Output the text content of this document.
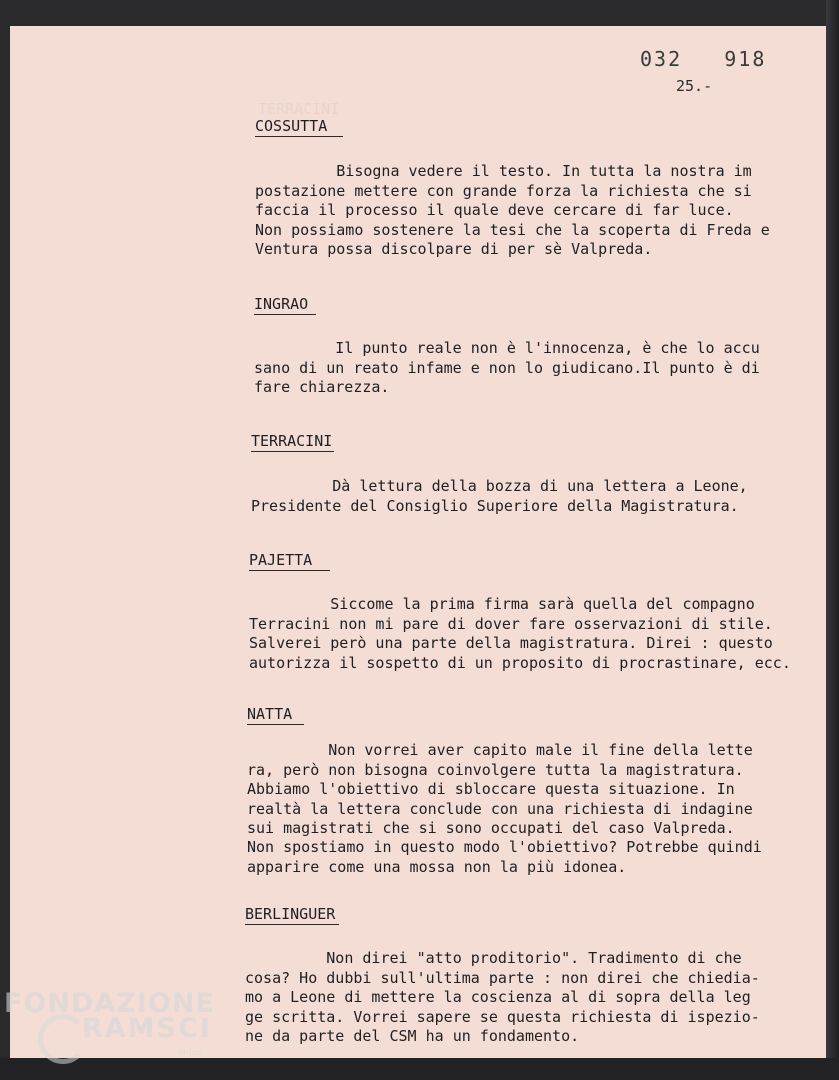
TERRACINI
032   918
25.-
COSSUTTA

Bisogna vedere il testo. In tutta la nostra im
postazione mettere con grande forza la richiesta che si
faccia il processo il quale deve cercare di far luce.
Non possiamo sostenere la tesi che la scoperta di Freda e
Ventura possa discolpare di per sè Valpreda.

INGRAO

Il punto reale non è l'innocenza, è che lo accu
sano di un reato infame e non lo giudicano.Il punto è di
fare chiarezza.

TERRACINI

Dà lettura della bozza di una lettera a Leone,
Presidente del Consiglio Superiore della Magistratura.

PAJETTA

Siccome la prima firma sarà quella del compagno
Terracini non mi pare di dover fare osservazioni di stile.
Salverei però una parte della magistratura. Direi : questo
autorizza il sospetto di un proposito di procrastinare, ecc.

NATTA

Non vorrei aver capito male il fine della lette
ra, però non bisogna coinvolgere tutta la magistratura.
Abbiamo l'obiettivo di sbloccare questa situazione. In
realtà la lettera conclude con una richiesta di indagine
sui magistrati che si sono occupati del caso Valpreda.
Non spostiamo in questo modo l'obiettivo? Potrebbe quindi
apparire come una mossa non la più idonea.

BERLINGUER

Non direi "atto proditorio". Tradimento di che
cosa? Ho dubbi sull'ultima parte : non direi che chiedia-
mo a Leone di mettere la coscienza al di sopra della leg
ge scritta. Vorrei sapere se questa richiesta di ispezio-
ne da parte del CSM ha un fondamento.

FONDAZIONE
RAMSCI
onlus
